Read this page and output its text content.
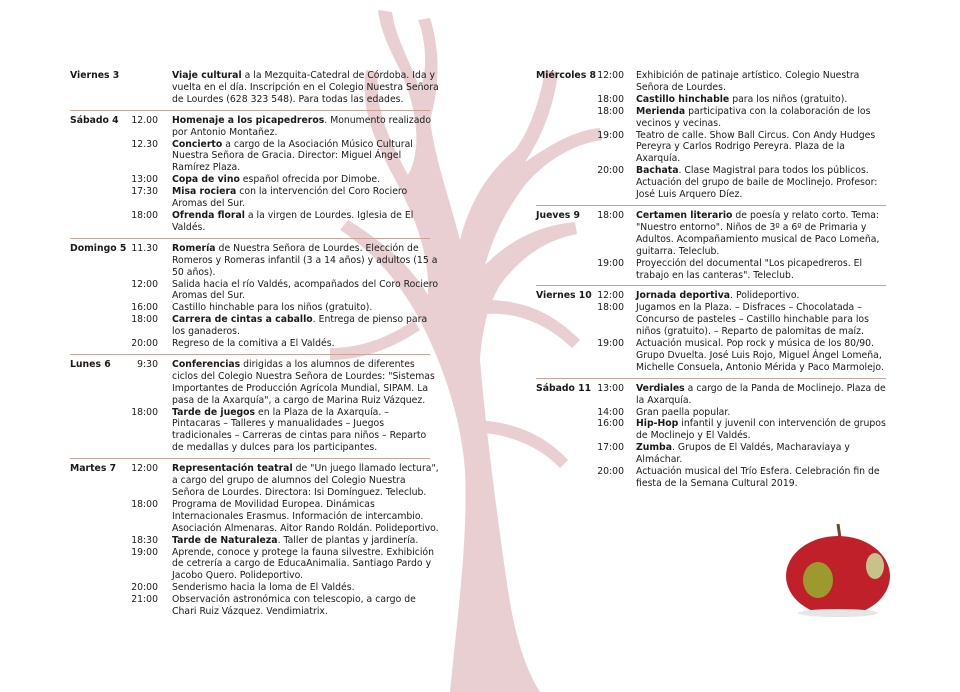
Viernes 3	Viaje cultural a la Mezquita-Catedral de Córdoba. Ida y vuelta en el día. Inscripción en el Colegio Nuestra Señora de Lourdes (628 323 548). Para todas las edades.
Sábado 4	12.00 Homenaje a los picapedreros. Monumento realizado por Antonio Montañez.
12.30 Concierto a cargo de la Asociación Músico Cultural Nuestra Señora de Gracia. Director: Miguel Ángel Ramírez Plaza.
13:00 Copa de vino español ofrecida por Dimobe.
17:30 Misa rociera con la intervención del Coro Rociero Aromas del Sur.
18:00 Ofrenda floral a la virgen de Lourdes. Iglesia de El Valdés.
Domingo 5 11.30 Romería de Nuestra Señora de Lourdes. Elección de Romeros y Romeras infantil (3 a 14 años) y adultos (15 a 50 años).
12:00 Salida hacia el río Valdés, acompañados del Coro Rociero Aromas del Sur.
16:00 Castillo hinchable para los niños (gratuito).
18:00 Carrera de cintas a caballo. Entrega de pienso para los ganaderos.
20:00 Regreso de la comitiva a El Valdés.
Lunes 6	9:30 Conferencias dirigidas a los alumnos de diferentes ciclos del Colegio Nuestra Señora de Lourdes: "Sistemas Importantes de Producción Agrícola Mundial, SIPAM. La pasa de la Axarquía", a cargo de Marina Ruiz Vázquez.
18:00 Tarde de juegos en la Plaza de la Axarquía. – Pintacaras – Talleres y manualidades – Juegos tradicionales – Carreras de cintas para niños – Reparto de medallas y dulces para los participantes.
Martes 7	12:00 Representación teatral de "Un juego llamado lectura", a cargo del grupo de alumnos del Colegio Nuestra Señora de Lourdes. Directora: Isi Domínguez. Teleclub.
18:00 Programa de Movilidad Europea. Dinámicas Internacionales Erasmus. Información de intercambio. Asociación Almenaras. Aitor Rando Roldán. Polideportivo.
18:30 Tarde de Naturaleza. Taller de plantas y jardinería.
19:00 Aprende, conoce y protege la fauna silvestre. Exhibición de cetrería a cargo de EducaAnimalia. Santiago Pardo y Jacobo Quero. Polideportivo.
20:00 Senderismo hacia la loma de El Valdés.
21:00 Observación astronómica con telescopio, a cargo de Chari Ruiz Vázquez. Vendimiatrix.
Miércoles 8 12:00 Exhibición de patinaje artístico. Colegio Nuestra Señora de Lourdes.
18:00 Castillo hinchable para los niños (gratuito).
18:00 Merienda participativa con la colaboración de los vecinos y vecinas.
19:00 Teatro de calle. Show Ball Circus. Con Andy Hudges Pereyra y Carlos Rodrigo Pereyra. Plaza de la Axarquía.
20:00 Bachata. Clase Magistral para todos los públicos. Actuación del grupo de baile de Moclinejo. Profesor: José Luis Arquero Díez.
Jueves 9	18:00 Certamen literario de poesía y relato corto. Tema: "Nuestro entorno". Niños de 3º a 6º de Primaria y Adultos. Acompañamiento musical de Paco Lomeña, guitarra. Teleclub.
19:00 Proyección del documental "Los picapedreros. El trabajo en las canteras". Teleclub.
Viernes 10 12:00 Jornada deportiva. Polideportivo.
18:00 Jugamos en la Plaza. – Disfraces – Chocolatada – Concurso de pasteles – Castillo hinchable para los niños (gratuito). – Reparto de palomitas de maíz.
19:00 Actuación musical. Pop rock y música de los 80/90. Grupo Dvuelta. José Luis Rojo, Miguel Ángel Lomeña, Michelle Consuela, Antonio Mérida y Paco Marmolejo.
Sábado 11 13:00 Verdiales a cargo de la Panda de Moclinejo. Plaza de la Axarquía.
14:00 Gran paella popular.
16:00 Hip-Hop infantil y juvenil con intervención de grupos de Moclinejo y El Valdés.
17:00 Zumba. Grupos de El Valdés, Macharaviaya y Almáchar.
20:00 Actuación musical del Trío Esfera. Celebración fin de fiesta de la Semana Cultural 2019.
